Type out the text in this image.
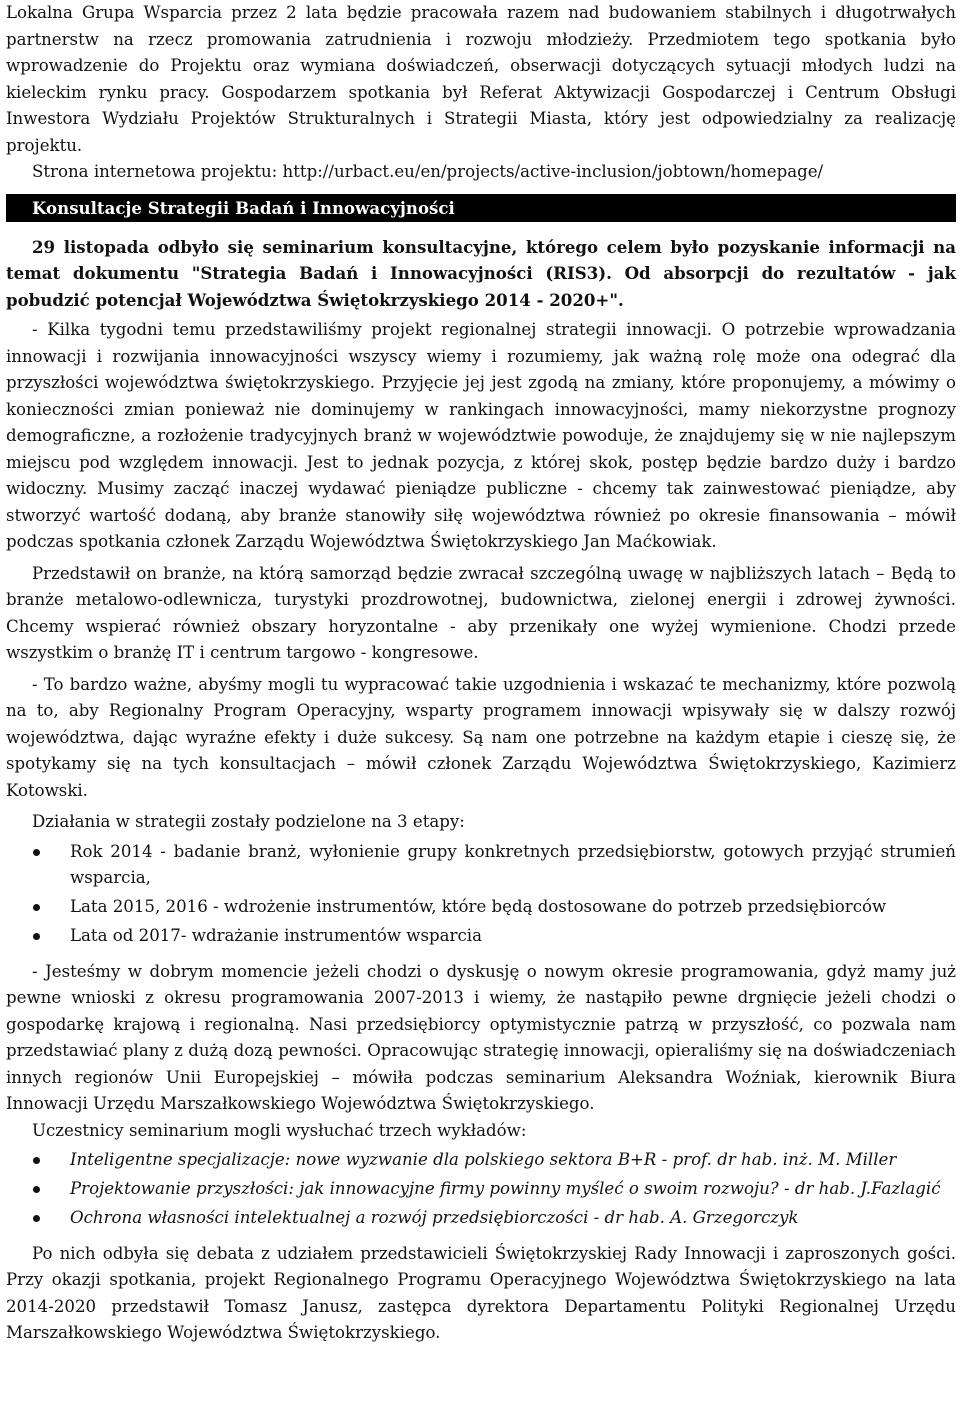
Lokalna Grupa Wsparcia przez 2 lata będzie pracowała razem nad budowaniem stabilnych i długotrwałych partnerstw na rzecz promowania zatrudnienia i rozwoju młodzieży. Przedmiotem tego spotkania było wprowadzenie do Projektu oraz wymiana doświadczeń, obserwacji dotyczących sytuacji młodych ludzi na kieleckim rynku pracy. Gospodarzem spotkania był Referat Aktywizacji Gospodarczej i Centrum Obsługi Inwestora Wydziału Projektów Strukturalnych i Strategii Miasta, który jest odpowiedzialny za realizację projektu.

Strona internetowa projektu: http://urbact.eu/en/projects/active-inclusion/jobtown/homepage/

Konsultacje Strategii Badań i Innowacyjności

29 listopada odbyło się seminarium konsultacyjne, którego celem było pozyskanie informacji na temat dokumentu "Strategia Badań i Innowacyjności (RIS3). Od absorpcji do rezultatów - jak pobudzić potencjał Województwa Świętokrzyskiego 2014 - 2020+".

- Kilka tygodni temu przedstawiliśmy projekt regionalnej strategii innowacji. O potrzebie wprowadzania innowacji i rozwijania innowacyjności wszyscy wiemy i rozumiemy, jak ważną rolę może ona odegrać dla przyszłości województwa świętokrzyskiego. Przyjęcie jej jest zgodą na zmiany, które proponujemy, a mówimy o konieczności zmian ponieważ nie dominujemy w rankingach innowacyjności, mamy niekorzystne prognozy demograficzne, a rozłożenie tradycyjnych branż w województwie powoduje, że znajdujemy się w nie najlepszym miejscu pod względem innowacji. Jest to jednak pozycja, z której skok, postęp będzie bardzo duży i bardzo widoczny. Musimy zacząć inaczej wydawać pieniądze publiczne - chcemy tak zainwestować pieniądze, aby stworzyć wartość dodaną, aby branże stanowiły siłę województwa również po okresie finansowania – mówił podczas spotkania członek Zarządu Województwa Świętokrzyskiego Jan Maćkowiak.

Przedstawił on branże, na którą samorząd będzie zwracał szczególną uwagę w najbliższych latach – Będą to branże metalowo-odlewnicza, turystyki prozdrowotnej, budownictwa, zielonej energii i zdrowej żywności. Chcemy wspierać również obszary horyzontalne - aby przenikały one wyżej wymienione. Chodzi przede wszystkim o branżę IT i centrum targowo - kongresowe.

- To bardzo ważne, abyśmy mogli tu wypracować takie uzgodnienia i wskazać te mechanizmy, które pozwolą na to, aby Regionalny Program Operacyjny, wsparty programem innowacji wpisywały się w dalszy rozwój województwa, dając wyraźne efekty i duże sukcesy. Są nam one potrzebne na każdym etapie i cieszę się, że spotykamy się na tych konsultacjach – mówił członek Zarządu Województwa Świętokrzyskiego, Kazimierz Kotowski.

Działania w strategii zostały podzielone na 3 etapy:

Rok 2014 - badanie branż, wyłonienie grupy konkretnych przedsiębiorstw, gotowych przyjąć strumień wsparcia,
Lata 2015, 2016 - wdrożenie instrumentów, które będą dostosowane do potrzeb przedsiębiorców
Lata od 2017- wdrażanie instrumentów wsparcia

- Jesteśmy w dobrym momencie jeżeli chodzi o dyskusję o nowym okresie programowania, gdyż mamy już pewne wnioski z okresu programowania 2007-2013 i wiemy, że nastąpiło pewne drgnięcie jeżeli chodzi o gospodarkę krajową i regionalną. Nasi przedsiębiorcy optymistycznie patrzą w przyszłość, co pozwala nam przedstawiać plany z dużą dozą pewności. Opracowując strategię innowacji, opieraliśmy się na doświadczeniach innych regionów Unii Europejskiej – mówiła podczas seminarium Aleksandra Woźniak, kierownik Biura Innowacji Urzędu Marszałkowskiego Województwa Świętokrzyskiego.

Uczestnicy seminarium mogli wysłuchać trzech wykładów:

Inteligentne specjalizacje: nowe wyzwanie dla polskiego sektora B+R - prof. dr hab. inż. M. Miller
Projektowanie przyszłości: jak innowacyjne firmy powinny myśleć o swoim rozwoju? - dr hab. J.Fazlagić
Ochrona własności intelektualnej a rozwój przedsiębiorczości - dr hab. A. Grzegorczyk

Po nich odbyła się debata z udziałem przedstawicieli Świętokrzyskiej Rady Innowacji i zaproszonych gości. Przy okazji spotkania, projekt Regionalnego Programu Operacyjnego Województwa Świętokrzyskiego na lata 2014-2020 przedstawił Tomasz Janusz, zastępca dyrektora Departamentu Polityki Regionalnej Urzędu Marszałkowskiego Województwa Świętokrzyskiego.
